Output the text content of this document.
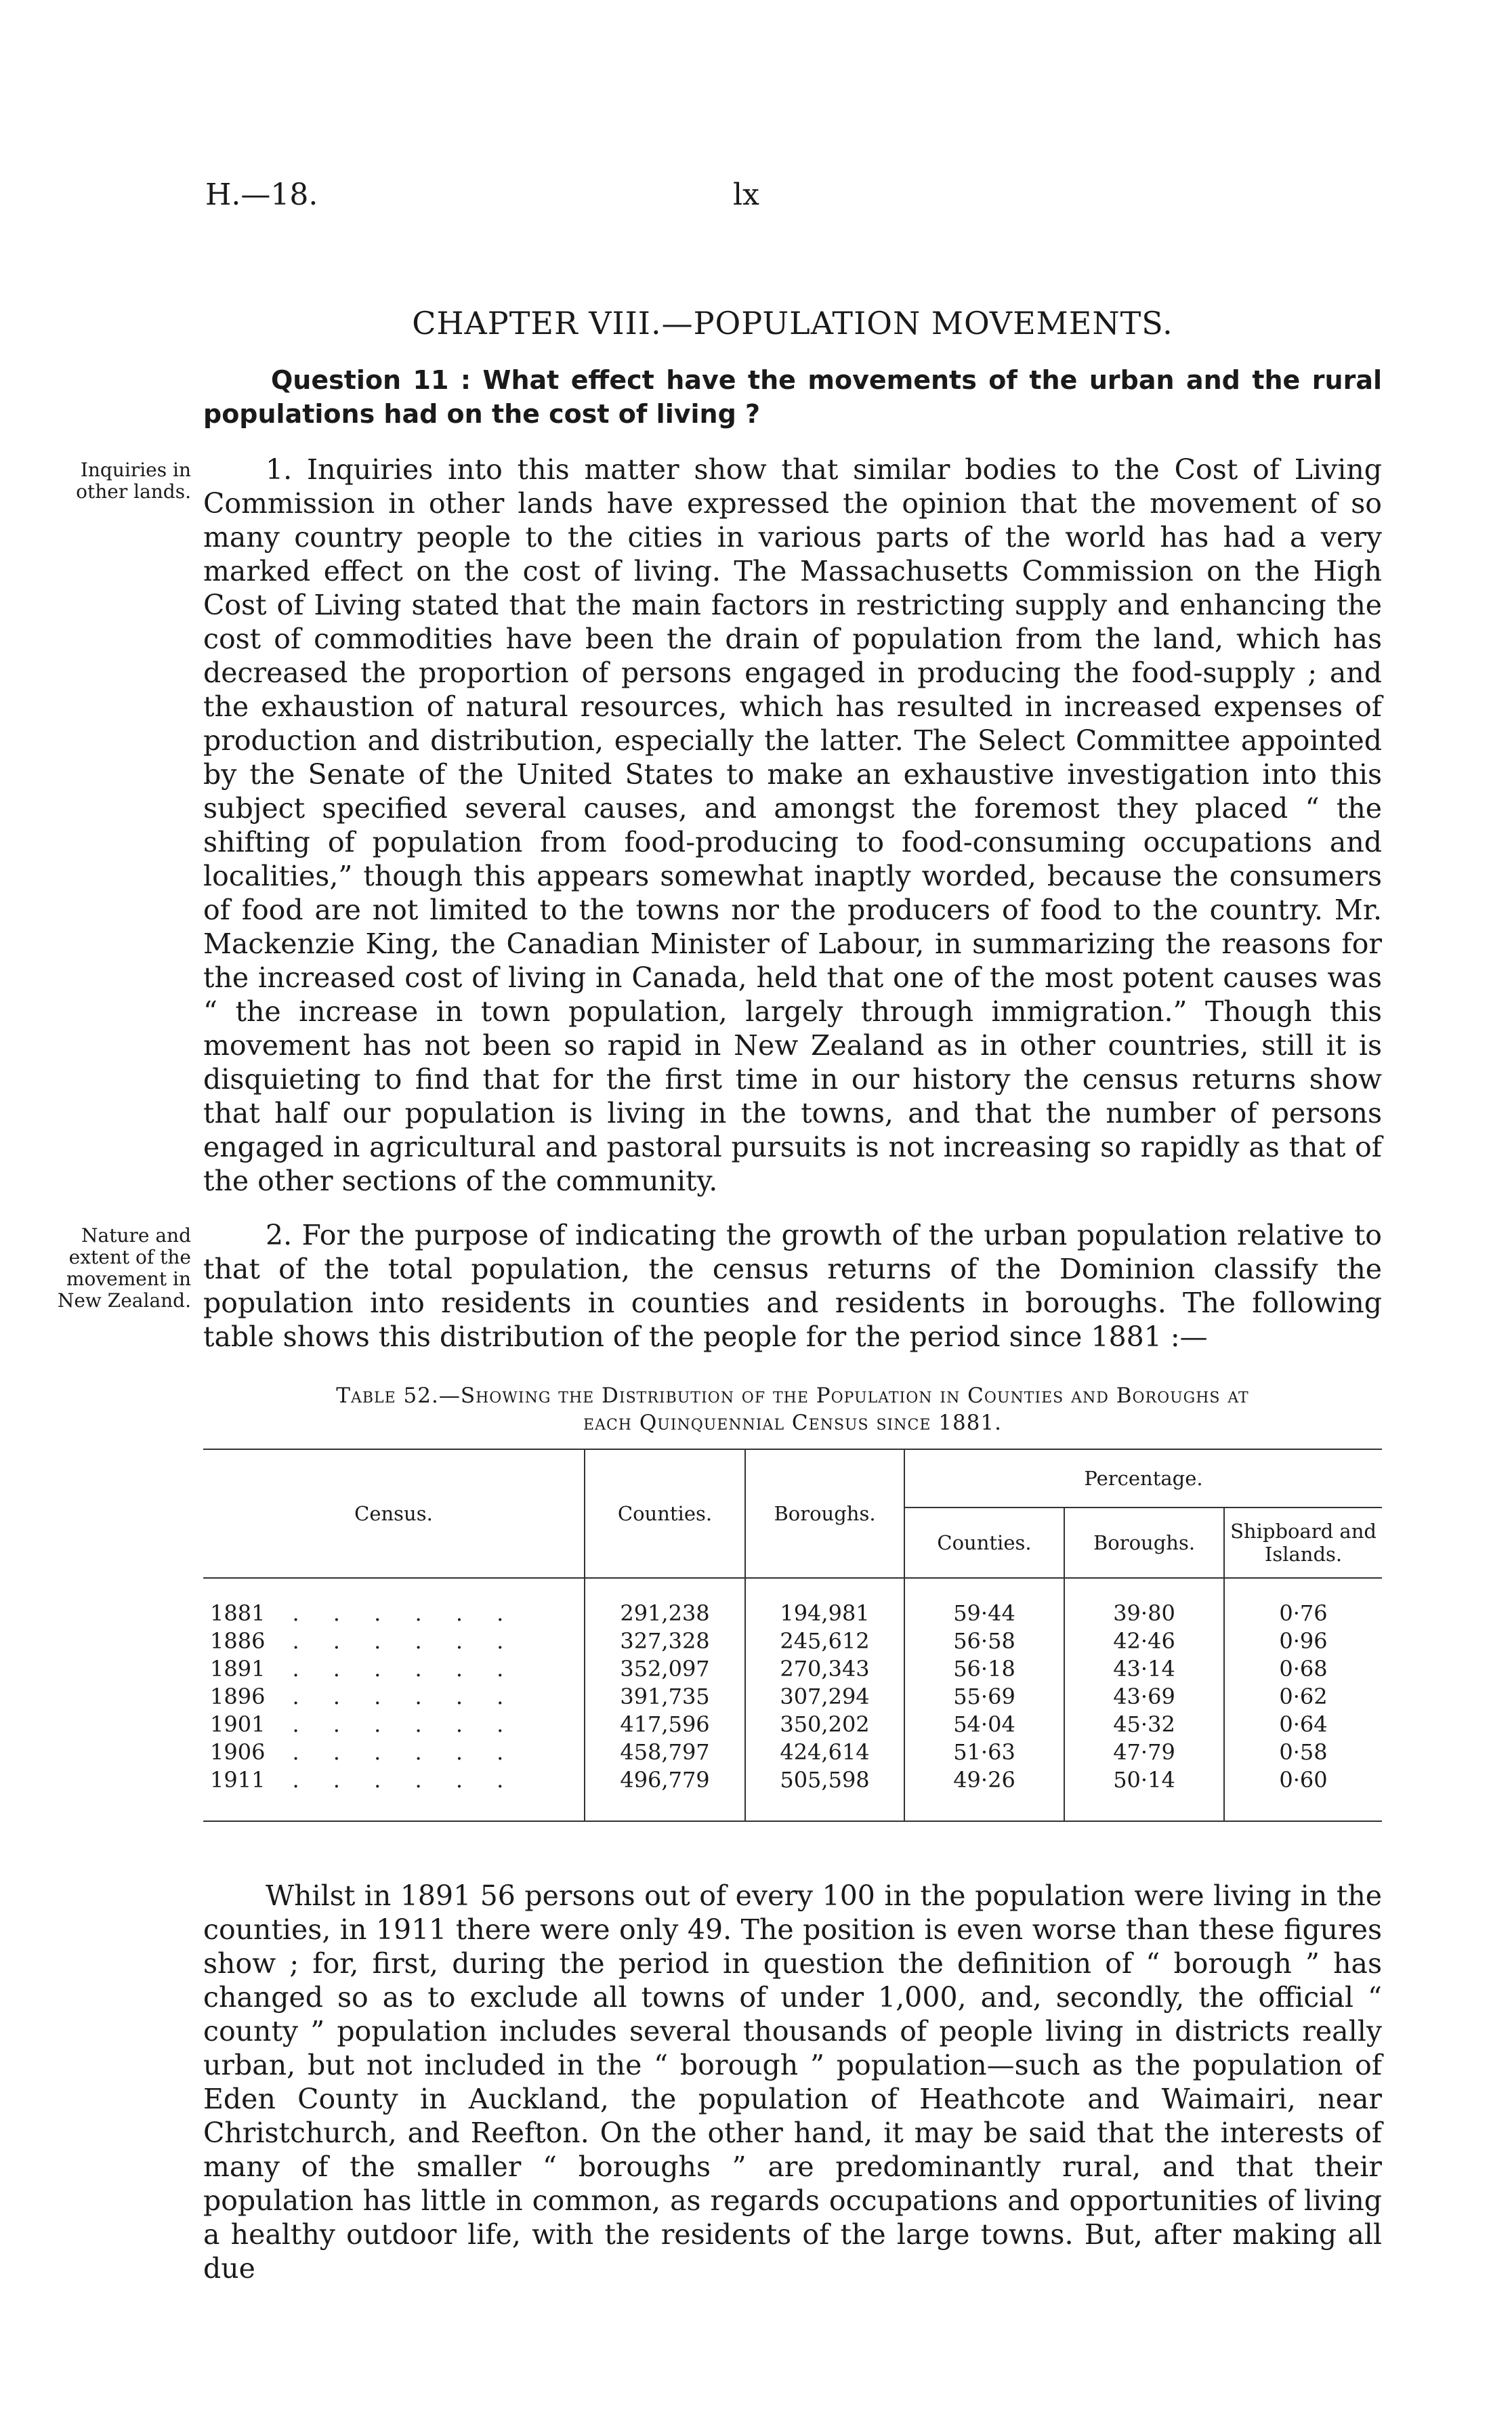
H.—18.	lx
CHAPTER VIII.—POPULATION MOVEMENTS.
Question 11 : What effect have the movements of the urban and the rural populations had on the cost of living ?
Inquiries in other lands.

1. Inquiries into this matter show that similar bodies to the Cost of Living Commission in other lands have expressed the opinion that the movement of so many country people to the cities in various parts of the world has had a very marked effect on the cost of living. The Massachusetts Commission on the High Cost of Living stated that the main factors in restricting supply and enhancing the cost of commodities have been the drain of population from the land, which has decreased the proportion of persons engaged in producing the food-supply ; and the exhaustion of natural resources, which has resulted in increased expenses of production and distribution, especially the latter. The Select Committee appointed by the Senate of the United States to make an exhaustive investigation into this subject specified several causes, and amongst the foremost they placed “ the shifting of population from food-producing to food-consuming occupations and localities,” though this appears somewhat inaptly worded, because the consumers of food are not limited to the towns nor the producers of food to the country. Mr. Mackenzie King, the Canadian Minister of Labour, in summarizing the reasons for the increased cost of living in Canada, held that one of the most potent causes was “ the increase in town population, largely through immigration.” Though this movement has not been so rapid in New Zealand as in other countries, still it is disquieting to find that for the first time in our history the census returns show that half our population is living in the towns, and that the number of persons engaged in agricultural and pastoral pursuits is not increasing so rapidly as that of the other sections of the community.

Nature and extent of the movement in New Zealand.

2. For the purpose of indicating the growth of the urban population relative to that of the total population, the census returns of the Dominion classify the population into residents in counties and residents in boroughs. The following table shows this distribution of the people for the period since 1881 :—

Table 52.—Showing the Distribution of the Population in Counties and Boroughs at
each Quinquennial Census since 1881.
Census.	Counties.	Boroughs.	Percentage.		
			Counties.	Boroughs.	Shipboard and Islands.
1881 . . . . . .	291,238	194,981	59·44	39·80	0·76
1886 . . . . . .	327,328	245,612	56·58	42·46	0·96
1891 . . . . . .	352,097	270,343	56·18	43·14	0·68
1896 . . . . . .	391,735	307,294	55·69	43·69	0·62
1901 . . . . . .	417,596	350,202	54·04	45·32	0·64
1906 . . . . . .	458,797	424,614	51·63	47·79	0·58
1911 . . . . . .	496,779	505,598	49·26	50·14	0·60

Whilst in 1891 56 persons out of every 100 in the population were living in the counties, in 1911 there were only 49. The position is even worse than these figures show ; for, first, during the period in question the definition of “ borough ” has changed so as to exclude all towns of under 1,000, and, secondly, the official “ county ” population includes several thousands of people living in districts really urban, but not included in the “ borough ” population—such as the population of Eden County in Auckland, the population of Heathcote and Waimairi, near Christchurch, and Reefton. On the other hand, it may be said that the interests of many of the smaller “ boroughs ” are predominantly rural, and that their population has little in common, as regards occupations and opportunities of living a healthy outdoor life, with the residents of the large towns. But, after making all due
